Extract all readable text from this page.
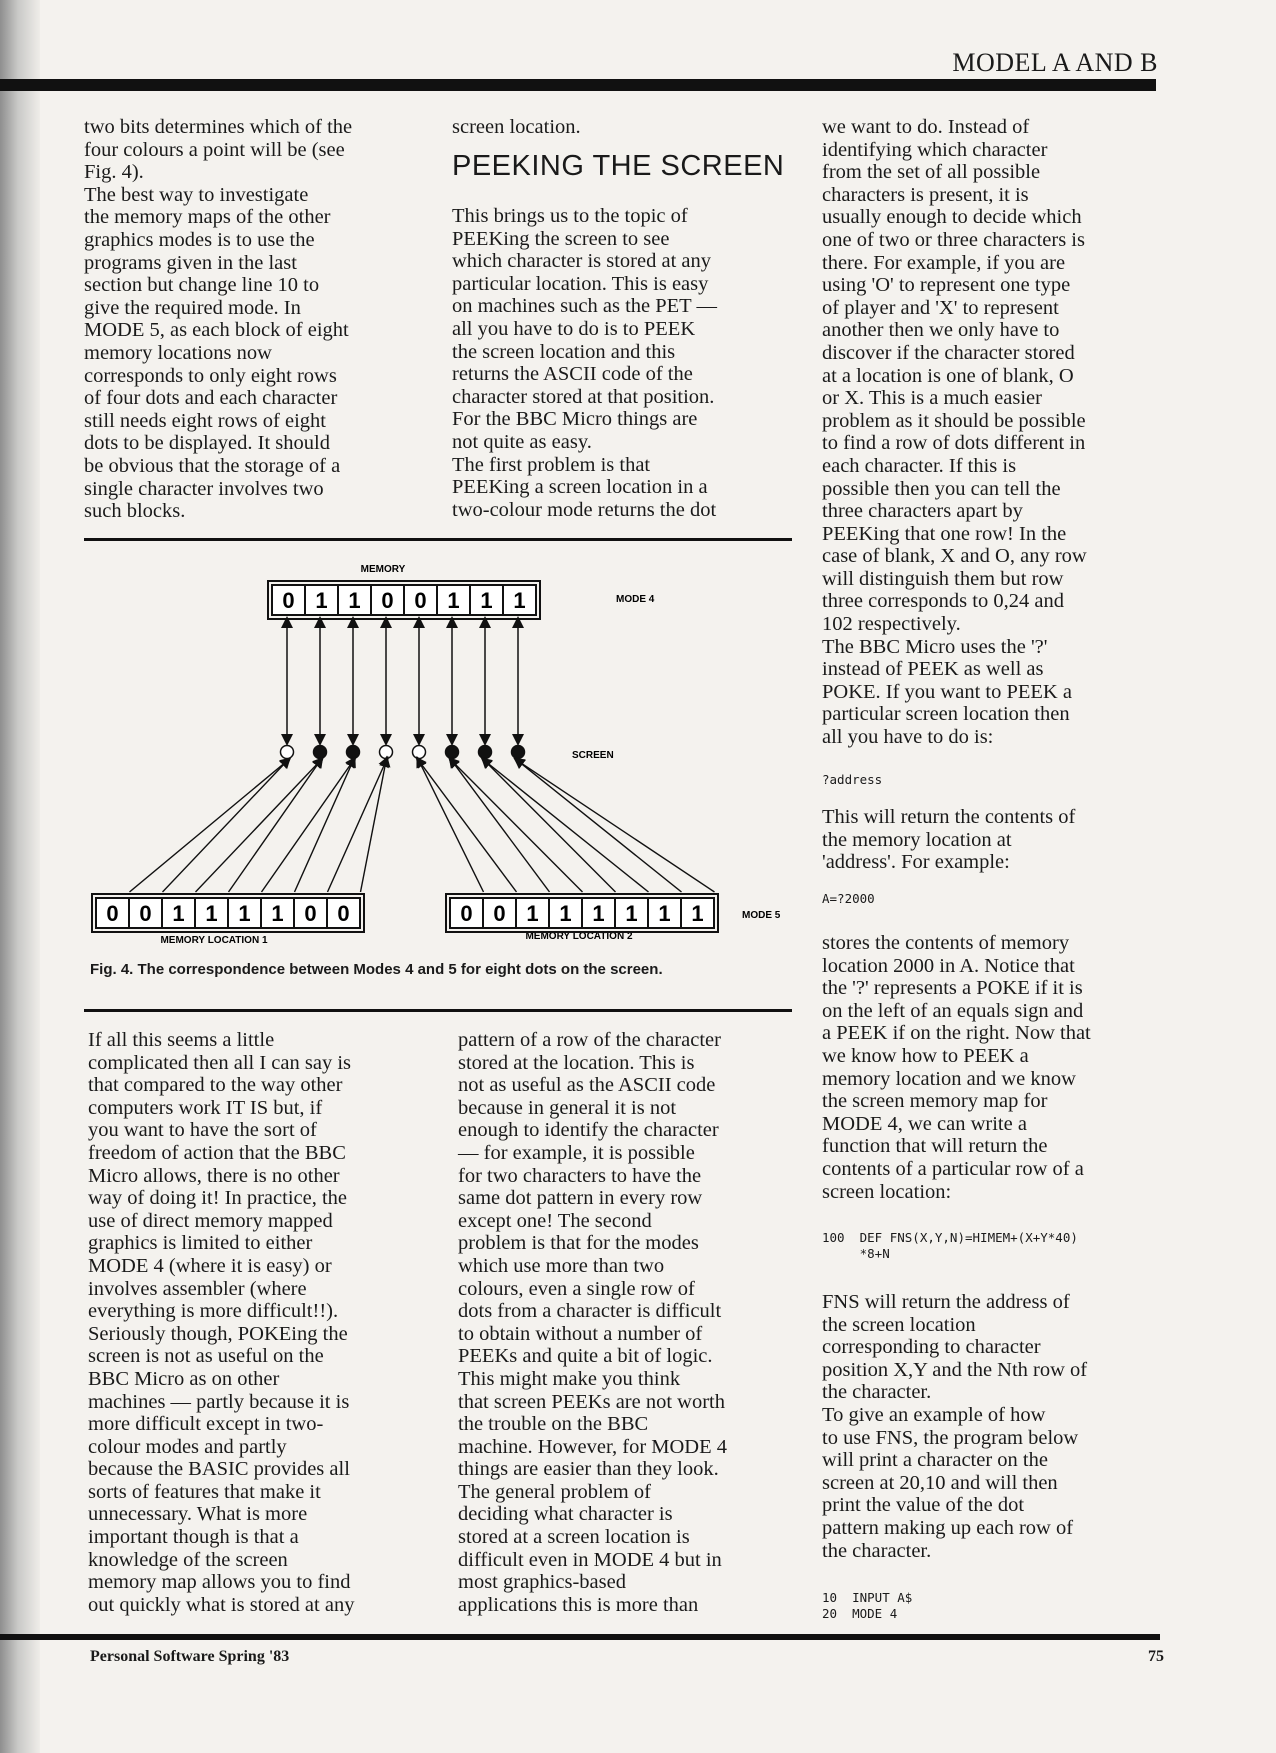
MODEL A AND B
two bits determines which of the
four colours a point will be (see
Fig. 4).
The best way to investigate
the memory maps of the other
graphics modes is to use the
programs given in the last
section but change line 10 to
give the required mode. In
MODE 5, as each block of eight
memory locations now
corresponds to only eight rows
of four dots and each character
still needs eight rows of eight
dots to be displayed. It should
be obvious that the storage of a
single character involves two
such blocks.
screen location.
PEEKING THE SCREEN
This brings us to the topic of
PEEKing the screen to see
which character is stored at any
particular location. This is easy
on machines such as the PET —
all you have to do is to PEEK
the screen location and this
returns the ASCII code of the
character stored at that position.
For the BBC Micro things are
not quite as easy.
The first problem is that
PEEKing a screen location in a
two-colour mode returns the dot
we want to do. Instead of
identifying which character
from the set of all possible
characters is present, it is
usually enough to decide which
one of two or three characters is
there. For example, if you are
using 'O' to represent one type
of player and 'X' to represent
another then we only have to
discover if the character stored
at a location is one of blank, O
or X. This is a much easier
problem as it should be possible
to find a row of dots different in
each character. If this is
possible then you can tell the
three characters apart by
PEEKing that one row! In the
case of blank, X and O, any row
will distinguish them but row
three corresponds to 0,24 and
102 respectively.
The BBC Micro uses the '?'
instead of PEEK as well as
POKE. If you want to PEEK a
particular screen location then
all you have to do is:
?address
This will return the contents of
the memory location at
'address'. For example:
A=?2000
stores the contents of memory
location 2000 in A. Notice that
the '?' represents a POKE if it is
on the left of an equals sign and
a PEEK if on the right. Now that
we know how to PEEK a
memory location and we know
the screen memory map for
MODE 4, we can write a
function that will return the
contents of a particular row of a
screen location:
100  DEF FNS(X,Y,N)=HIMEM+(X+Y*40)
*8+N
FNS will return the address of
the screen location
corresponding to character
position X,Y and the Nth row of
the character.
To give an example of how
to use FNS, the program below
will print a character on the
screen at 20,10 and will then
print the value of the dot
pattern making up each row of
the character.
10  INPUT A$
20  MODE 4
MEMORY
MODE 4
SCREEN
MODE 5
MEMORY LOCATION 1	MEMORY LOCATION 2
0 1 1 0 0 1 1 1
0 0 1 1 1 1 0 0	0 0 1 1 1 1 1 1
Fig. 4. The correspondence between Modes 4 and 5 for eight dots on the screen.
If all this seems a little
complicated then all I can say is
that compared to the way other
computers work IT IS but, if
you want to have the sort of
freedom of action that the BBC
Micro allows, there is no other
way of doing it! In practice, the
use of direct memory mapped
graphics is limited to either
MODE 4 (where it is easy) or
involves assembler (where
everything is more difficult!!).
Seriously though, POKEing the
screen is not as useful on the
BBC Micro as on other
machines — partly because it is
more difficult except in two-
colour modes and partly
because the BASIC provides all
sorts of features that make it
unnecessary. What is more
important though is that a
knowledge of the screen
memory map allows you to find
out quickly what is stored at any
pattern of a row of the character
stored at the location. This is
not as useful as the ASCII code
because in general it is not
enough to identify the character
— for example, it is possible
for two characters to have the
same dot pattern in every row
except one! The second
problem is that for the modes
which use more than two
colours, even a single row of
dots from a character is difficult
to obtain without a number of
PEEKs and quite a bit of logic.
This might make you think
that screen PEEKs are not worth
the trouble on the BBC
machine. However, for MODE 4
things are easier than they look.
The general problem of
deciding what character is
stored at a screen location is
difficult even in MODE 4 but in
most graphics-based
applications this is more than
Personal Software Spring '83	75
